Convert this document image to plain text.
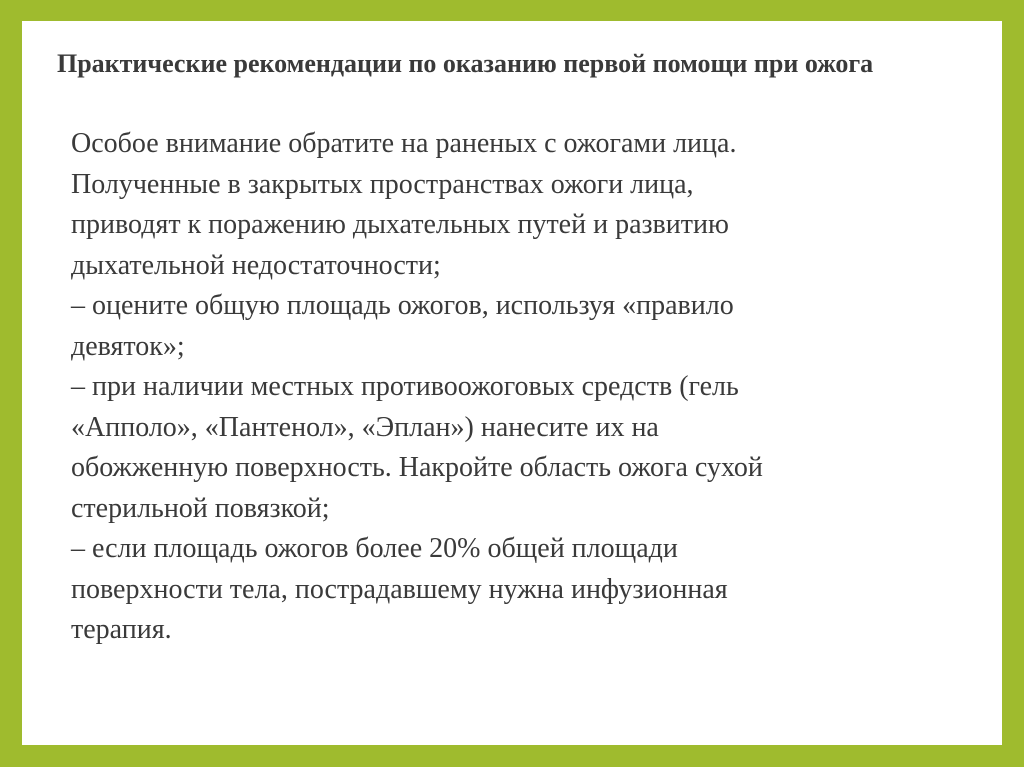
Практические рекомендации по оказанию первой помощи при ожога
Особое внимание обратите на раненых с ожогами лица.
Полученные в закрытых пространствах ожоги лица,
приводят к поражению дыхательных путей и развитию
дыхательной недостаточности;
– оцените общую площадь ожогов, используя «правило
девяток»;
– при наличии местных противоожоговых средств (гель
«Апполо», «Пантенол», «Эплан») нанесите их на
обожженную поверхность. Накройте область ожога сухой
стерильной повязкой;
– если площадь ожогов более 20% общей площади
поверхности тела, пострадавшему нужна инфузионная
терапия.
